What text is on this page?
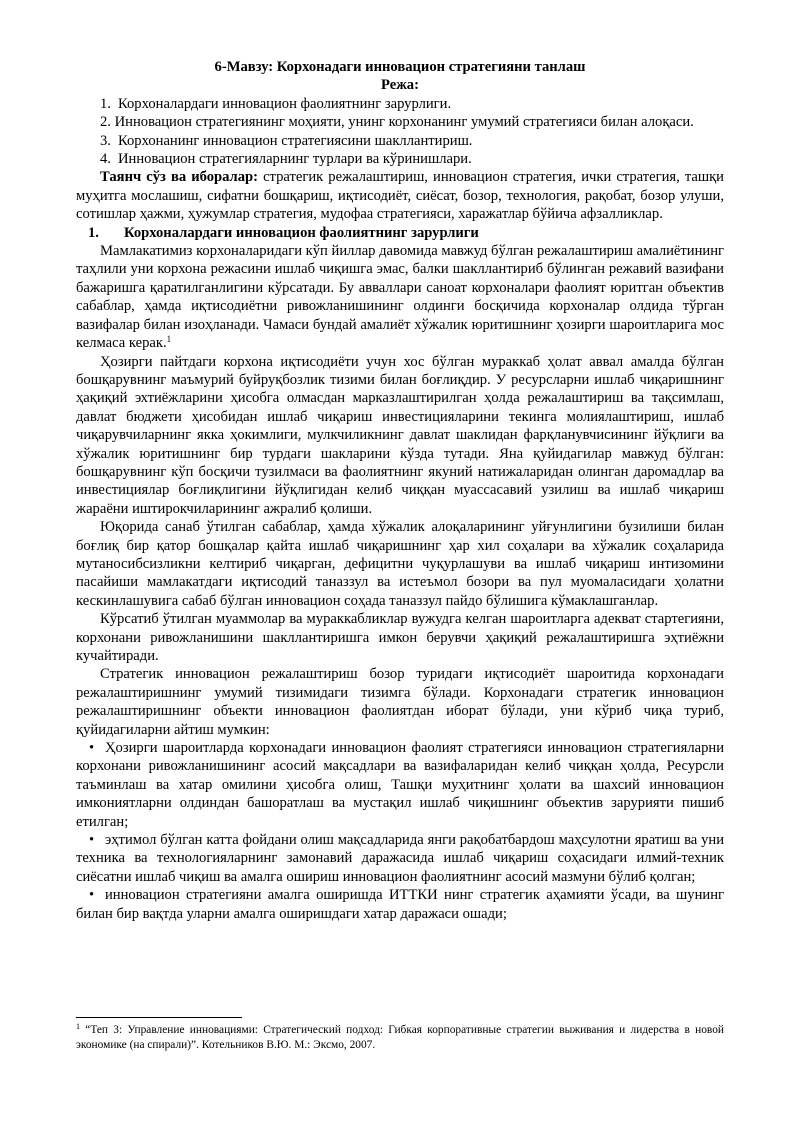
6-Мавзу: Корхонадаги инновацион стратегияни танлаш

Режа:

1. Корхоналардаги инновацион фаолиятнинг зарурлиги.

2. Инновацион стратегиянинг моҳияти, унинг корхонанинг умумий стратегияси билан алоқаси.

3. Корхонанинг инновацион стратегиясини шакллантириш.

4. Инновацион стратегияларнинг турлари ва кўринишлари.

Таянч сўз ва иборалар: стратегик режалаштириш, инновацион стратегия, ички стратегия, ташқи муҳитга мослашиш, сифатни бошқариш, иқтисодиёт, сиёсат, бозор, технология, рақобат, бозор улуши, сотишлар ҳажми, ҳужумлар стратегия, мудофаа стратегияси, харажатлар бўйича афзалликлар.

1. Корхоналардаги инновацион фаолиятнинг зарурлиги

Мамлакатимиз корхоналаридаги кўп йиллар давомида мавжуд бўлган режалаштириш амалиётининг таҳлили уни корхона режасини ишлаб чиқишга эмас, балки шакллантириб бўлинган режавий вазифани бажаришга қаратилганлигини кўрсатади. Бу авваллари саноат корхоналари фаолият юритган объектив сабаблар, ҳамда иқтисодиётни ривожланишининг олдинги босқичида корхоналар олдида тўрган вазифалар билан изоҳланади. Чамаси бундай амалиёт хўжалик юритишнинг ҳозирги шароитларига мос келмаса керак.$^1$

Ҳозирги пайтдаги корхона иқтисодиёти учун хос бўлган мураккаб ҳолат аввал амалда бўлган бошқарувнинг маъмурий буйруқбозлик тизими билан боғлиқдир. У ресурсларни ишлаб чиқаришнинг ҳақиқий эхтиёжларини ҳисобга олмасдан марказлаштирилган ҳолда режалаштириш ва тақсимлаш, давлат бюджети ҳисобидан ишлаб чиқариш инвестицияларини текинга молиялаштириш, ишлаб чиқарувчиларнинг якка ҳокимлиги, мулкчиликнинг давлат шаклидан фарқланувчисининг йўқлиги ва хўжалик юритишнинг бир турдаги шакларини кўзда тутади. Яна қуйидагилар мавжуд бўлган: бошқарувнинг кўп босқичи тузилмаси ва фаолиятнинг якуний натижаларидан олинган даромадлар ва инвестициялар боғлиқлигини йўқлигидан келиб чиққан муассасавий узилиш ва ишлаб чиқариш жараёни иштирокчиларининг ажралиб қолиши.

Юқорида санаб ўтилган сабаблар, ҳамда хўжалик алоқаларининг уйғунлигини бузилиши билан боғлиқ бир қатор бошқалар қайта ишлаб чиқаришнинг ҳар хил соҳалари ва хўжалик соҳаларида мутаносибсизликни келтириб чиқарган, дефицитни чуқурлашуви ва ишлаб чиқариш интизомини пасайиши мамлакатдаги иқтисодий таназзул ва истеъмол бозори ва пул муомаласидаги ҳолатни кескинлашувига сабаб бўлган инновацион соҳада таназзул пайдо бўлишига кўмаклашганлар.

Кўрсатиб ўтилган муаммолар ва мураккабликлар вужудга келган шароитларга адекват стартегияни, корхонани ривожланишини шакллантиришга имкон берувчи ҳақиқий режалаштиришга эҳтиёжни кучайтиради.

Стратегик инновацион режалаштириш бозор туридаги иқтисодиёт шароитида корхонадаги режалаштиришнинг умумий тизимидаги тизимга бўлади. Корхонадаги стратегик инновацион режалаштиришнинг объекти инновацион фаолиятдан иборат бўлади, уни кўриб чиқа туриб, қуйидагиларни айтиш мумкин:

• Ҳозирги шароитларда корхонадаги инновацион фаолият стратегияси инновацион стратегияларни корхонани ривожланишининг асосий мақсадлари ва вазифаларидан келиб чиққан ҳолда, Ресурсли таъминлаш ва хатар омилини ҳисобга олиш, Ташқи муҳитнинг ҳолати ва шахсий инновацион имкониятларни олдиндан башоратлаш ва мустақил ишлаб чиқишнинг объектив зарурияти пишиб етилган;

• эҳтимол бўлган катта фойдани олиш мақсадларида янги рақобатбардош маҳсулотни яратиш ва уни техника ва технологияларнинг замонавий даражасида ишлаб чиқариш соҳасидаги илмий-техник сиёсатни ишлаб чиқиш ва амалга ошириш инновацион фаолиятнинг асосий мазмуни бўлиб қолган;

• инновацион стратегияни амалга оширишда ИТТКИ нинг стратегик аҳамияти ўсади, ва шунинг билан бир вақтда уларни амалга оширишдаги хатар даражаси ошади;

$^1$ “Теп 3: Управление инновациями: Стратегический подход: Гибкая корпоративные стратегии выживания и лидерства в новой экономике (на спирали)”. Котельников В.Ю. М.: Эксмо, 2007.
